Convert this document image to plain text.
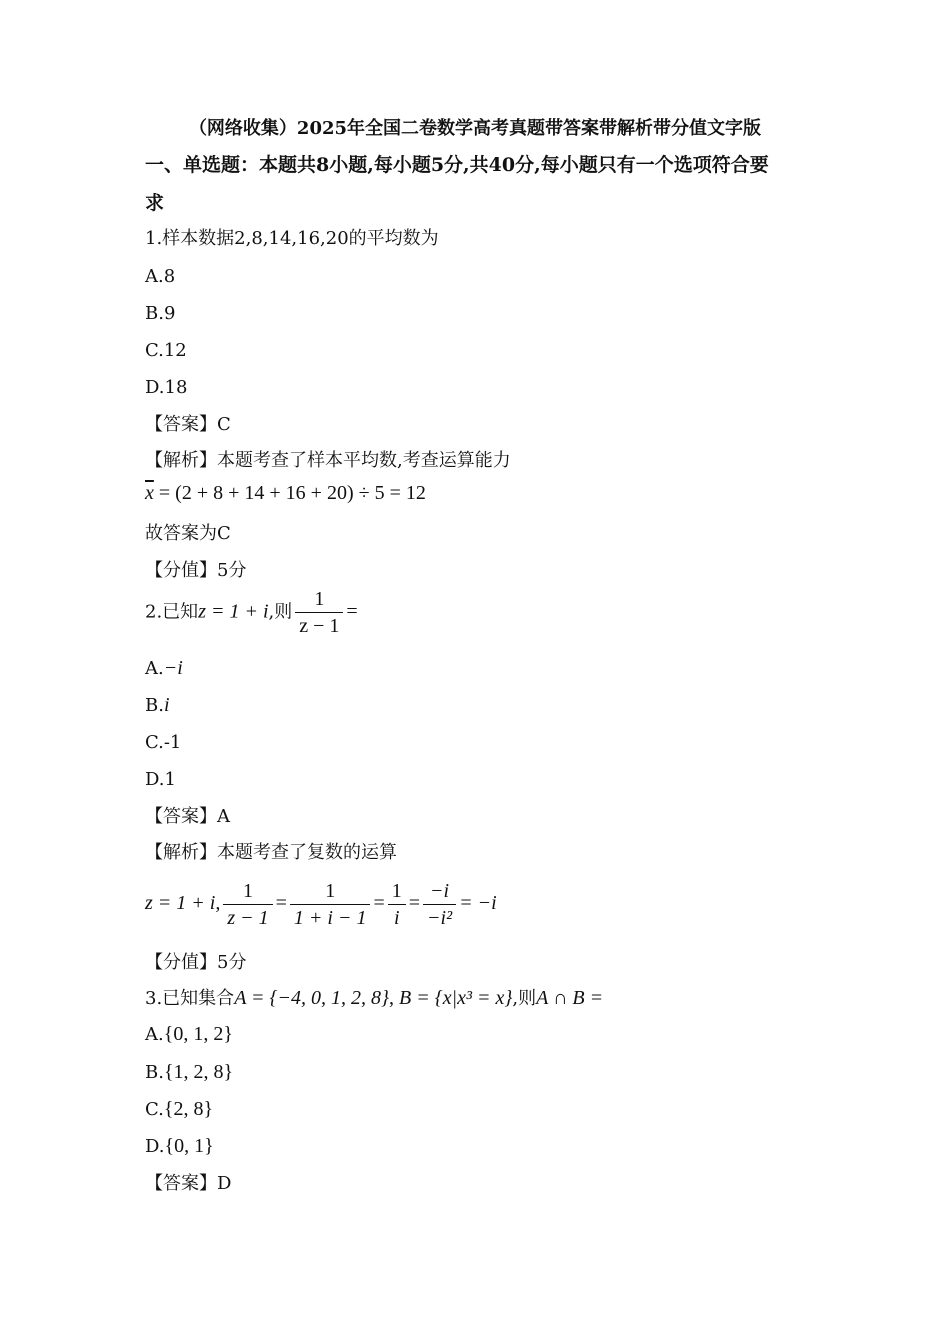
（网络收集）2025年全国二卷数学高考真题带答案带解析带分值文字版
一、单选题：本题共8小题,每小题5分,共40分,每小题只有一个选项符合要
求
1.样本数据2,8,14,16,20的平均数为
A.8
B.9
C.12
D.18
【答案】C
【解析】本题考查了样本平均数,考查运算能力
$\overline{x} = (2 + 8 + 14 + 16 + 20) \div 5 = 12$
故答案为C
【分值】5分
2.已知z = 1 + i,则 $\frac{1}{z - 1}$ =
A.−i
B.i
C.-1
D.1
【答案】A
【解析】本题考查了复数的运算
z = 1 + i, $\frac{1}{z - 1} = \frac{1}{1 + i - 1} = \frac{1}{i} = \frac{-i}{\text{−i²}} = -i$
【分值】5分
3.已知集合A = {−4, 0, 1, 2, 8}, B = {x|x³ = x},则A ∩ B =
A.{0, 1, 2}
B.{1, 2, 8}
C.{2, 8}
D.{0, 1}
【答案】D
